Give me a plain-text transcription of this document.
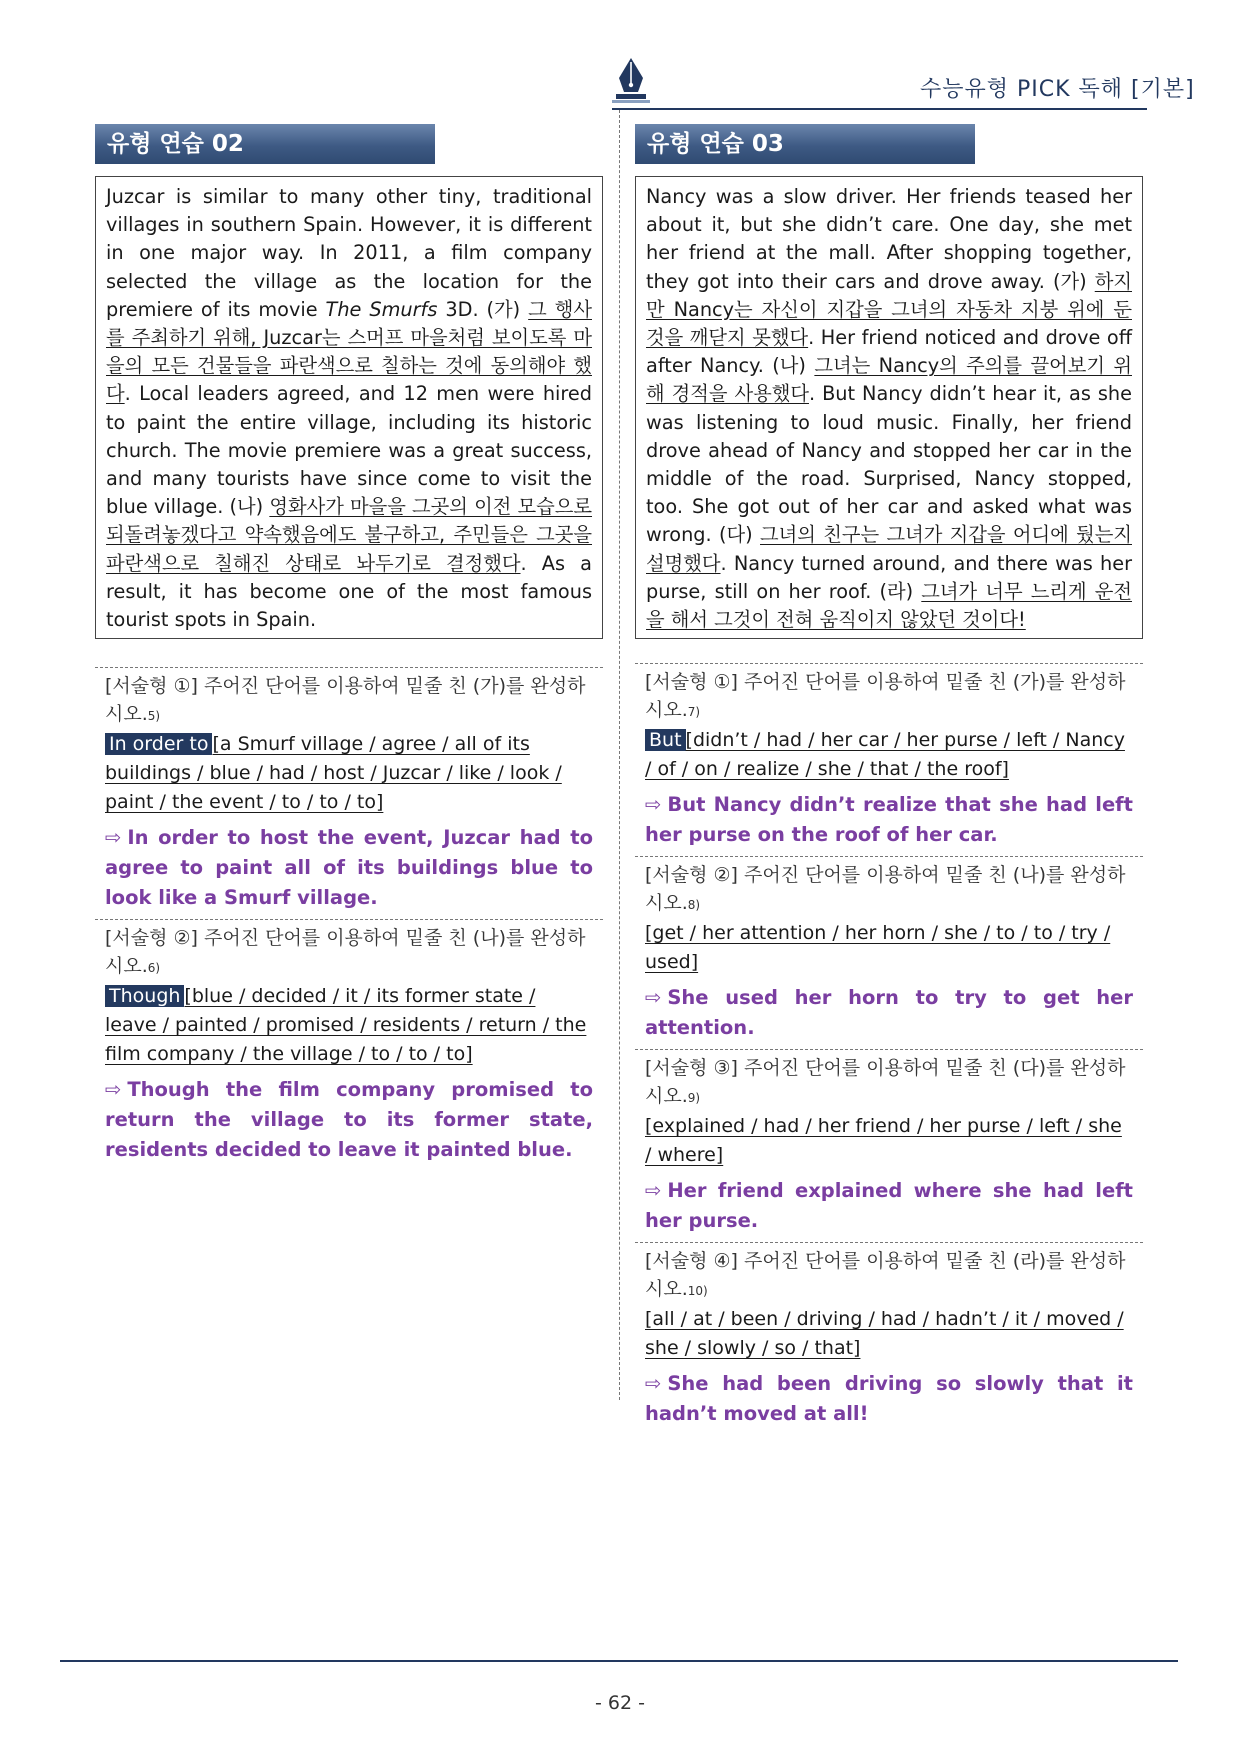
수능유형 PICK 독해 [기본]
유형 연습 02
Juzcar is similar to many other tiny, traditional villages in southern Spain. However, it is different in one major way. In 2011, a film company selected the village as the location for the premiere of its movie The Smurfs 3D. (가) 그 행사를 주최하기 위해, Juzcar는 스머프 마을처럼 보이도록 마을의 모든 건물들을 파란색으로 칠하는 것에 동의해야 했다. Local leaders agreed, and 12 men were hired to paint the entire village, including its historic church. The movie premiere was a great success, and many tourists have since come to visit the blue village. (나) 영화사가 마을을 그곳의 이전 모습으로 되돌려놓겠다고 약속했음에도 불구하고, 주민들은 그곳을 파란색으로 칠해진 상태로 놔두기로 결정했다. As a result, it has become one of the most famous tourist spots in Spain.
[서술형 ①] 주어진 단어를 이용하여 밑줄 친 (가)를 완성하시오.5)
In order to [a Smurf village / agree / all of its buildings / blue / had / host / Juzcar / like / look / paint / the event / to / to / to]
⇨ In order to host the event, Juzcar had to agree to paint all of its buildings blue to look like a Smurf village.
[서술형 ②] 주어진 단어를 이용하여 밑줄 친 (나)를 완성하시오.6)
Though [blue / decided / it / its former state / leave / painted / promised / residents / return / the film company / the village / to / to / to]
⇨ Though the film company promised to return the village to its former state, residents decided to leave it painted blue.
유형 연습 03
Nancy was a slow driver. Her friends teased her about it, but she didn’t care. One day, she met her friend at the mall. After shopping together, they got into their cars and drove away. (가) 하지만 Nancy는 자신이 지갑을 그녀의 자동차 지붕 위에 둔 것을 깨닫지 못했다. Her friend noticed and drove off after Nancy. (나) 그녀는 Nancy의 주의를 끌어보기 위해 경적을 사용했다. But Nancy didn’t hear it, as she was listening to loud music. Finally, her friend drove ahead of Nancy and stopped her car in the middle of the road. Surprised, Nancy stopped, too. She got out of her car and asked what was wrong. (다) 그녀의 친구는 그녀가 지갑을 어디에 뒀는지 설명했다. Nancy turned around, and there was her purse, still on her roof. (라) 그녀가 너무 느리게 운전을 해서 그것이 전혀 움직이지 않았던 것이다!
[서술형 ①] 주어진 단어를 이용하여 밑줄 친 (가)를 완성하시오.7)
But [didn’t / had / her car / her purse / left / Nancy / of / on / realize / she / that / the roof]
⇨ But Nancy didn’t realize that she had left her purse on the roof of her car.
[서술형 ②] 주어진 단어를 이용하여 밑줄 친 (나)를 완성하시오.8)
[get / her attention / her horn / she / to / to / try / used]
⇨ She used her horn to try to get her attention.
[서술형 ③] 주어진 단어를 이용하여 밑줄 친 (다)를 완성하시오.9)
[explained / had / her friend / her purse / left / she / where]
⇨ Her friend explained where she had left her purse.
[서술형 ④] 주어진 단어를 이용하여 밑줄 친 (라)를 완성하시오.10)
[all / at / been / driving / had / hadn’t / it / moved / she / slowly / so / that]
⇨ She had been driving so slowly that it hadn’t moved at all!
- 62 -
